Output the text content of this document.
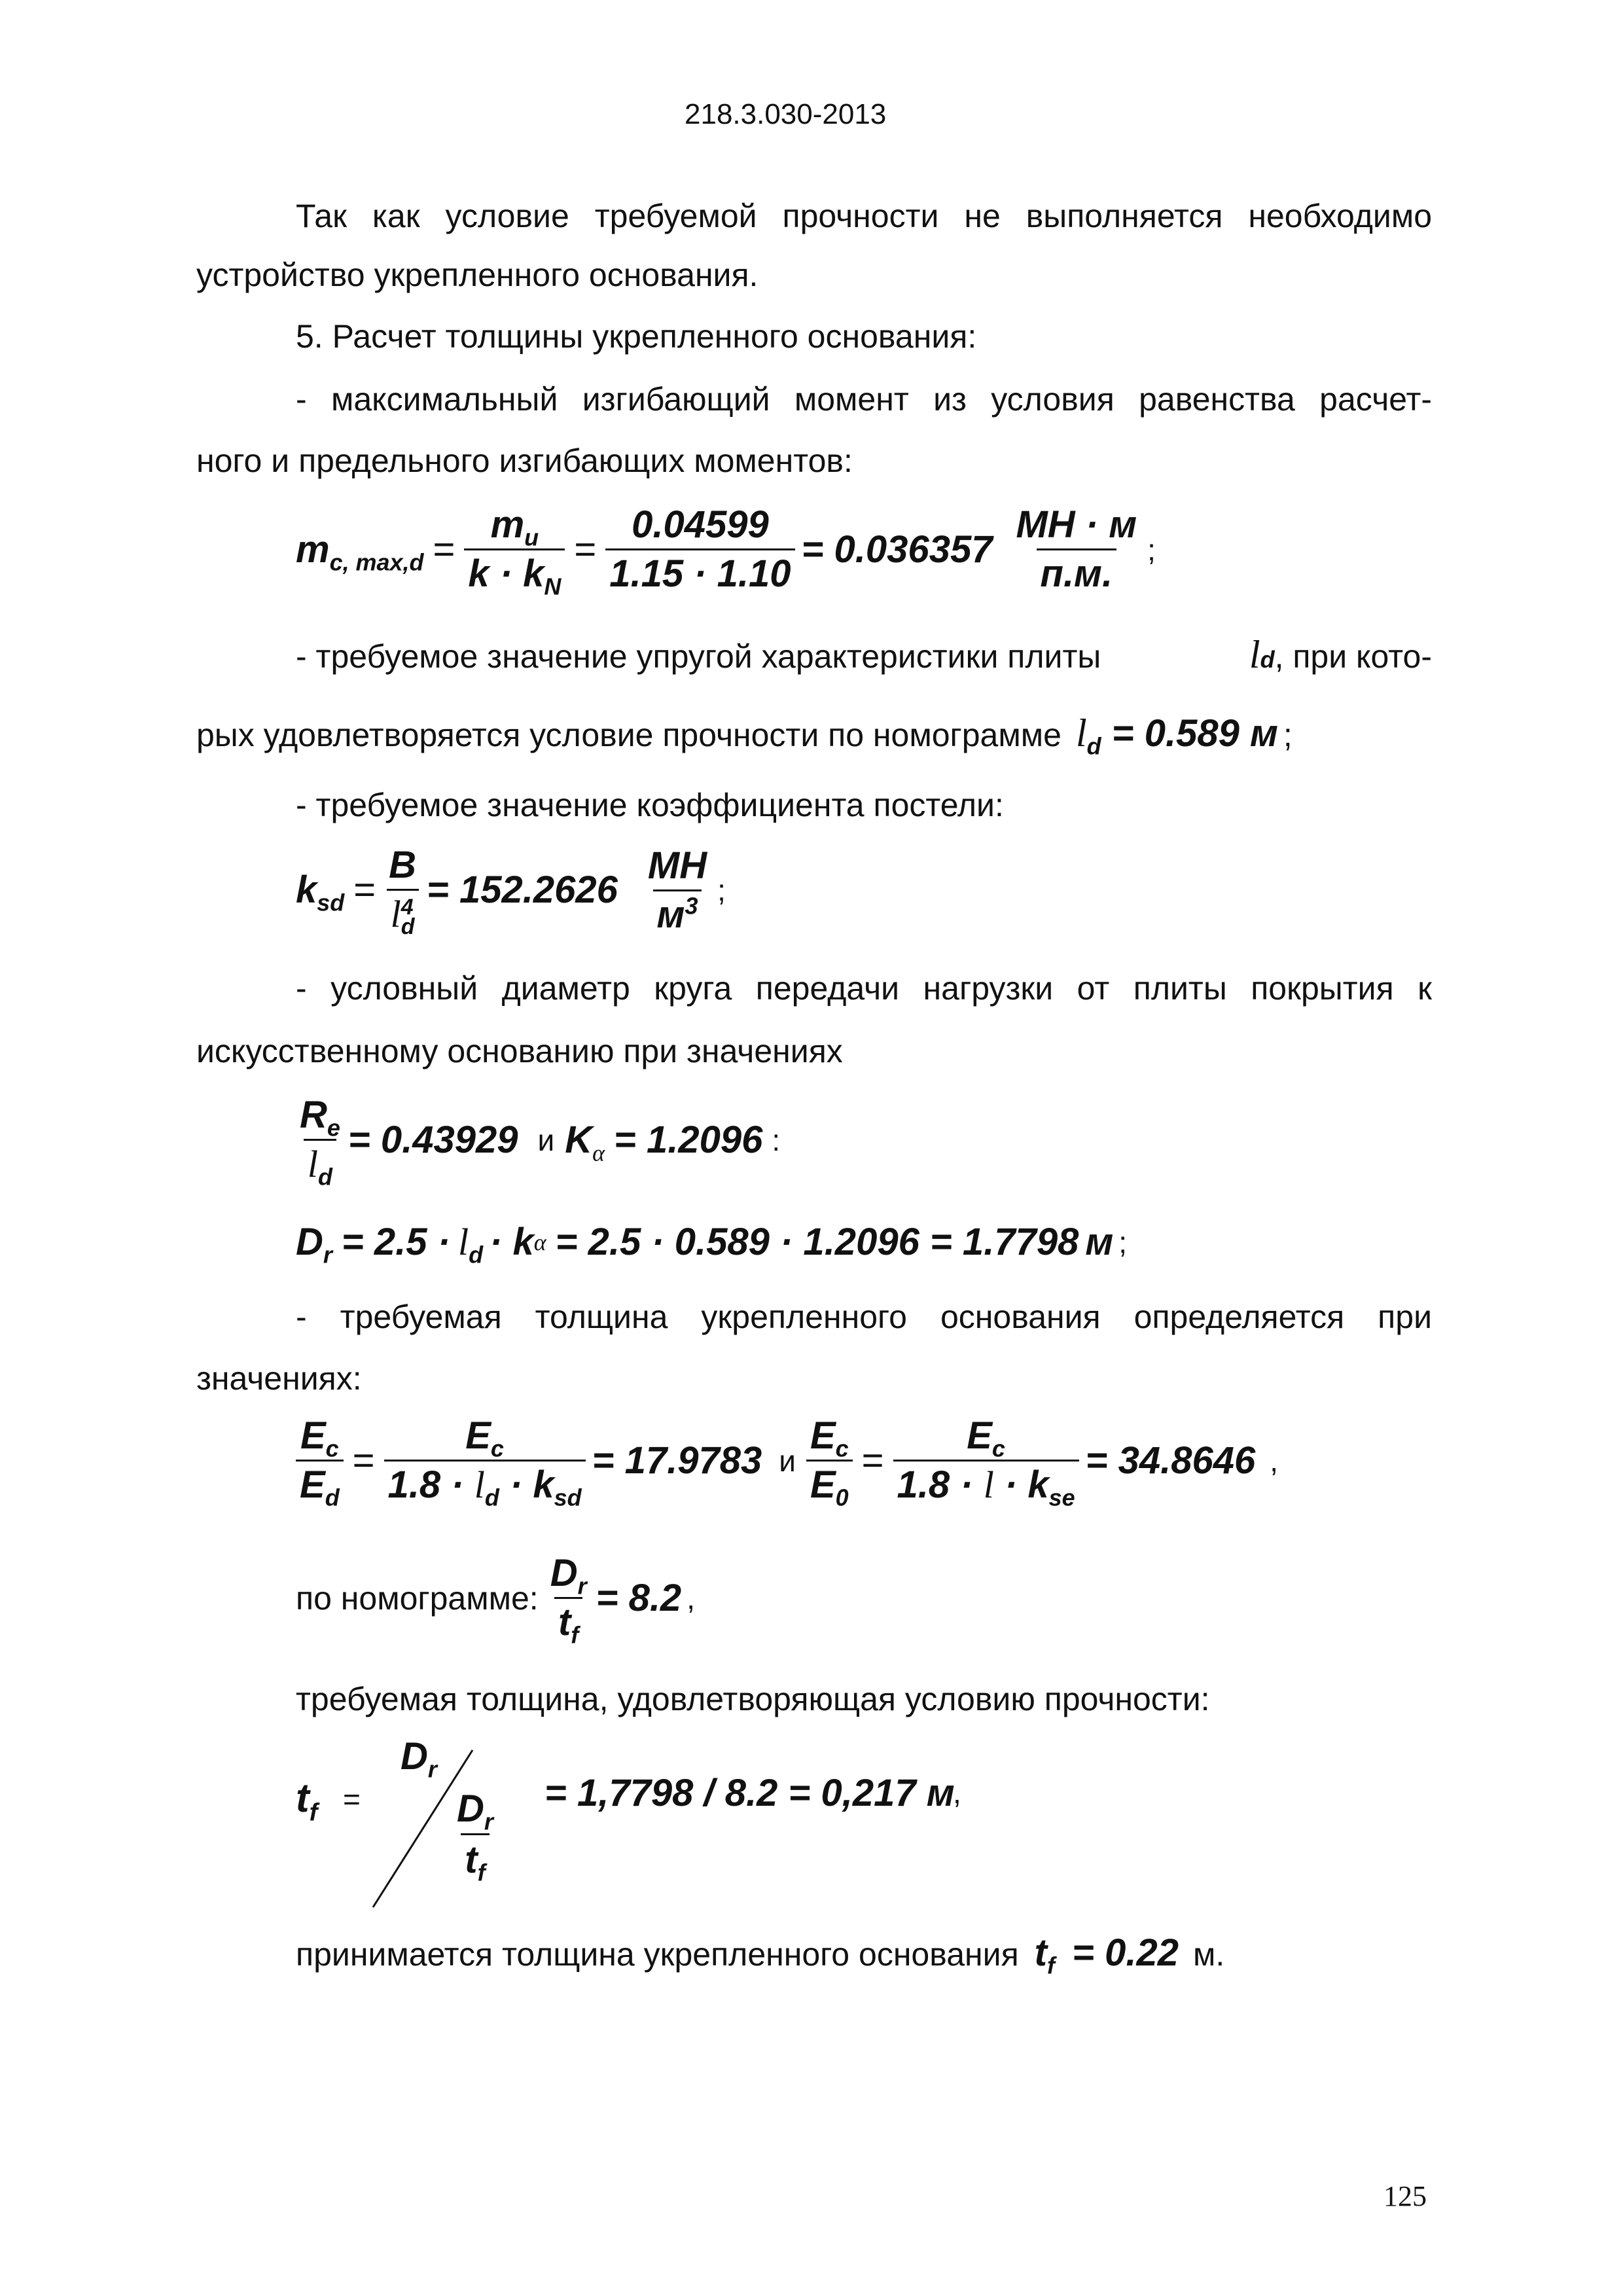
218.3.030-2013
Так как условие требуемой прочности не выполняется необходимо
устройство укрепленного основания.
5. Расчет толщины укрепленного основания:
- максимальный изгибающий момент из условия равенства расчет-
ного и предельного изгибающих моментов:
$m_{c, max,d} = \frac{m_u}{k \cdot k_N} = \frac{0.04599}{1.15 \cdot 1.10} = 0.036357 \frac{МН \cdot м}{п.м.}$ ;
- требуемое значение упругой характеристики плиты	l d , при кото-
рых удовлетворяется условие прочности по номограмме $l_d = 0.589$ м ;
- требуемое значение коэффициента постели:
$k_{sd} = B$
l 4
$d = 152.2626 \frac{МН}{м^3}$ ;
- условный диаметр круга передачи нагрузки от плиты покрытия к
искусственному основанию при значениях
$\frac{R_e}{l_d} = 0.43929$ и $K_\alpha = 1.2096$ :
$D_r = 2.5 \cdot l_d \cdot k$ α = 2.5 · 0.589 · 1.2096 = 1.7798 м ;
- требуемая толщина укрепленного основания определяется при
значениях:
$\frac{E_c}{E_d} = \frac{E_c}{1.8 \cdot l_d \cdot k_{sd}} = 17.9783$ и $\frac{E_c}{E_0} = \frac{E_c}{1.8 \cdot l \cdot k_{se}} = 34.8646$ ,
по номограмме: $\frac{D_r}{t_f} = 8.2$ ,
требуемая толщина, удовлетворяющая условию прочности:
$t_f$ =
$D_r$
$\frac{D_r}{t_f} = 1,7798 / 8.2 = 0,217$ м
,
принимается толщина укрепленного основания $t_f = 0.22$ м.
125
